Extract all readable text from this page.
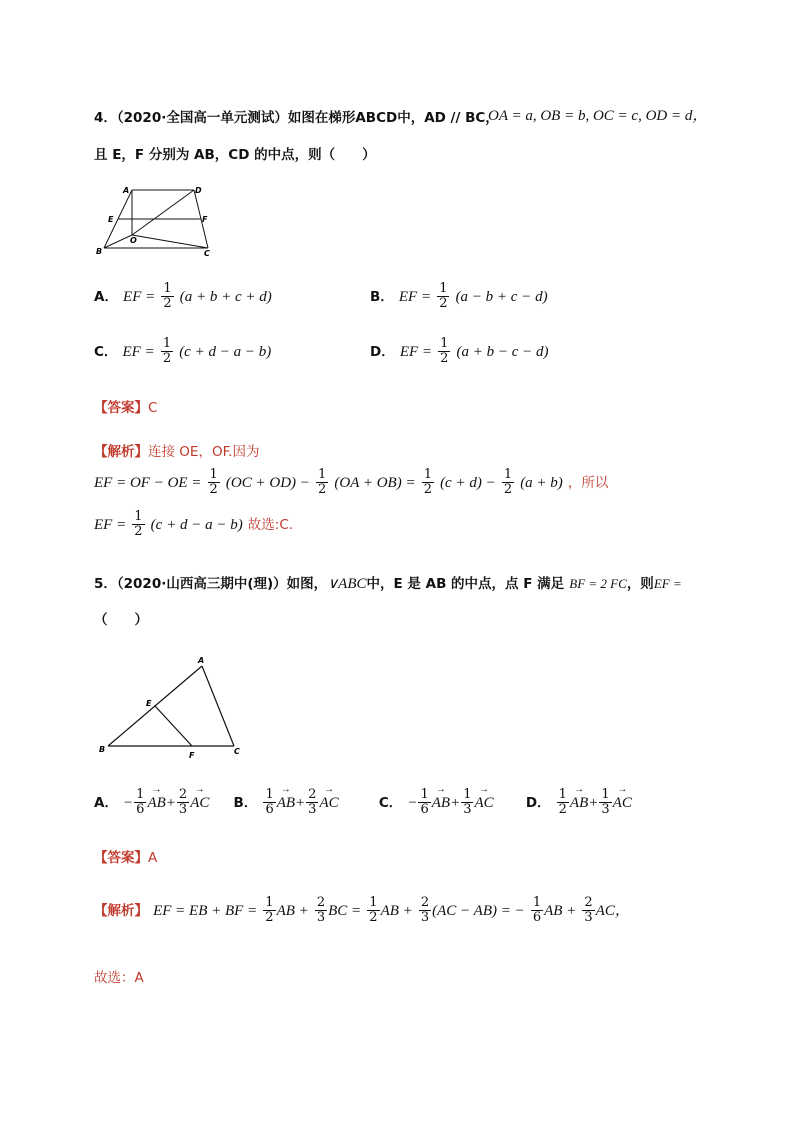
4．（2020·全国高一单元测试）如图在梯形ABCD中，AD // BC，
OA = a, OB = b, OC = c, OD = d，
且 E，F 分别为 AB，CD 的中点，则（　　）
A	D
E	F
O
B	C
A． EF = $\frac{1}{2} (a + b + c + d)$	B． EF = $\frac{1}{2} (a - b + c - d)$
C． EF = $\frac{1}{2} (c + d - a - b)$	D． EF = $\frac{1}{2} (a + b - c - d)$
【答案】C
【解析】连接 OE，OF.因为
EF = OF − OE = $\frac{1}{2} (OC + OD) - \frac{1}{2} (OA + OB) = \frac{1}{2} (c + d) - \frac{1}{2} (a + b)$ ，所以
EF = $\frac{1}{2} (c + d - a - b)$ 故选:C.
5．（2020·山西高三期中(理)）如图，∨ABC中，E 是 AB 的中点，点 F 满足 BF = 2 FC，则EF =
（　　）
A
E
B
F	C
A． − $\frac{1}{6}$
→ $AB+ \frac{2}{3}$
→ AC B． $\frac{1}{6}$
→ $AB+ \frac{2}{3}$
→ AC	C． − $\frac{1}{6}$
→ $AB+ \frac{1}{3}$
→ AC D． $\frac{1}{2}$
→ $AB+ \frac{1}{3}$
→ AC
【答案】A
【解析】 EF = EB + BF = $\frac{1}{2}$ AB + $\frac{2}{3}$ BC = $\frac{1}{2}$ AB + $\frac{2}{3} (AC - AB)$ = − $\frac{1}{6}$ AB + $\frac{2}{3}$ AC，
故选：A
